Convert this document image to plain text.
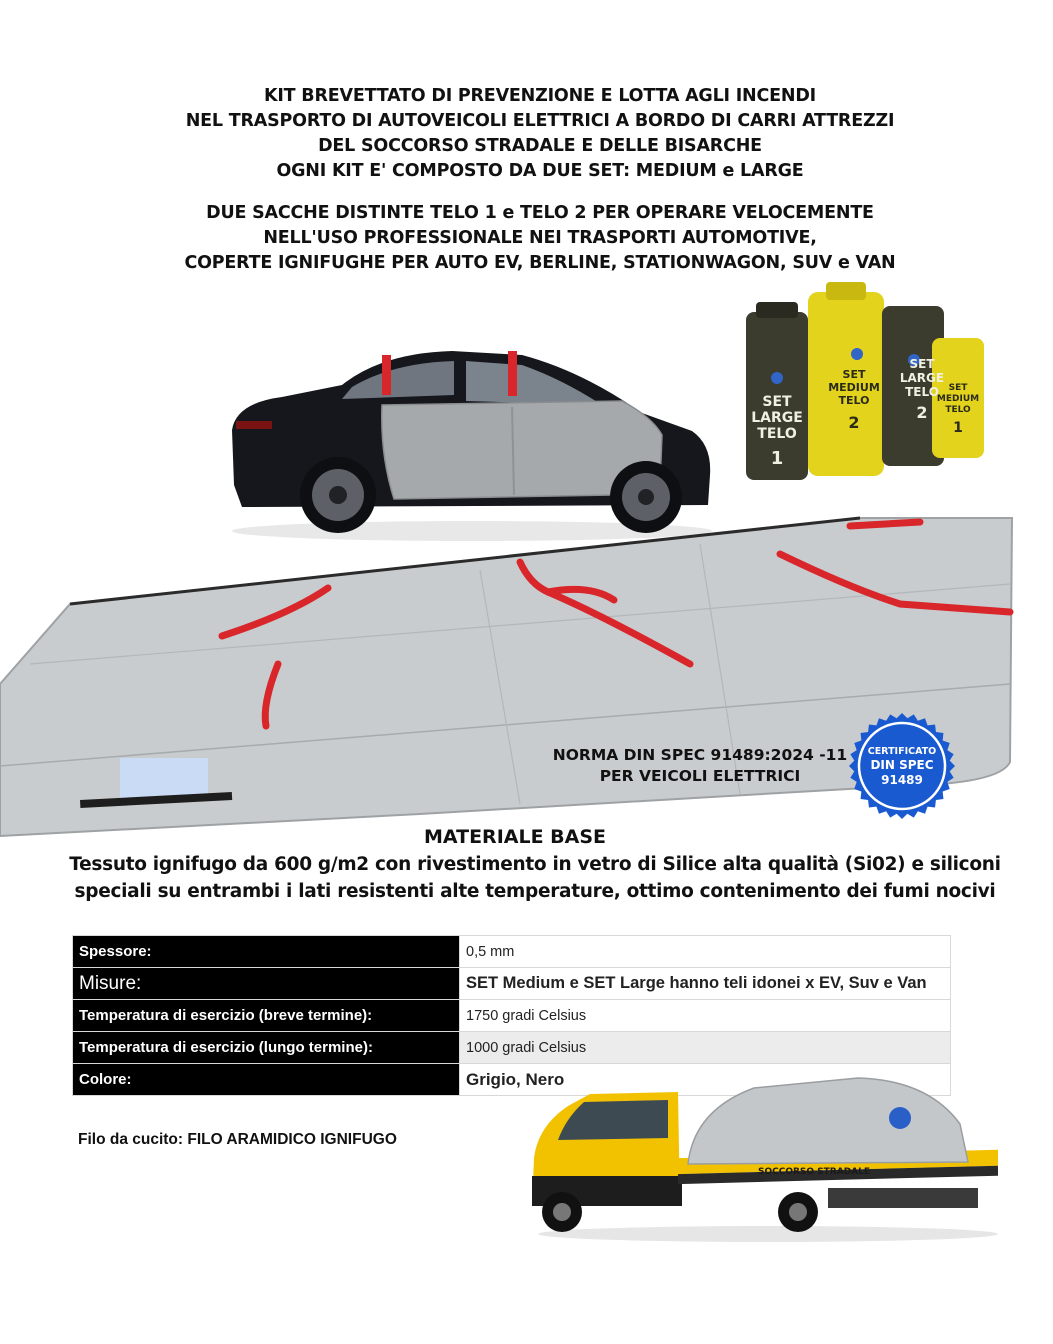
KIT BREVETTATO DI PREVENZIONE E LOTTA AGLI INCENDI
NEL TRASPORTO DI AUTOVEICOLI ELETTRICI A BORDO DI CARRI ATTREZZI
DEL SOCCORSO STRADALE E DELLE BISARCHE
OGNI KIT E' COMPOSTO DA DUE SET: MEDIUM e LARGE
DUE SACCHE DISTINTE TELO 1 e TELO 2 PER OPERARE VELOCEMENTE
NELL'USO PROFESSIONALE NEI TRASPORTI AUTOMOTIVE,
COPERTE IGNIFUGHE PER AUTO EV, BERLINE, STATIONWAGON, SUV e VAN
SET
LARGE
TELO
1
SET
MEDIUM
TELO
2
SET
LARGE
TELO
2
SET
MEDIUM
TELO
1
NORMA DIN SPEC 91489:2024 -11
PER VEICOLI ELETTRICI
CERTIFICATO
DIN SPEC
91489
MATERIALE BASE
Tessuto ignifugo da 600 g/m2 con rivestimento in vetro di Silice alta qualità (Si02) e siliconi
speciali su entrambi i lati resistenti alte temperature, ottimo contenimento dei fumi nocivi
Spessore:	0,5 mm
Misure:	SET Medium e SET Large hanno teli idonei x EV, Suv e Van
Temperatura di esercizio (breve termine):	1750 gradi Celsius
Temperatura di esercizio (lungo termine):	1000 gradi Celsius
Colore:	Grigio, Nero
Filo da cucito: FILO ARAMIDICO IGNIFUGO
SOCCORSO STRADALE
